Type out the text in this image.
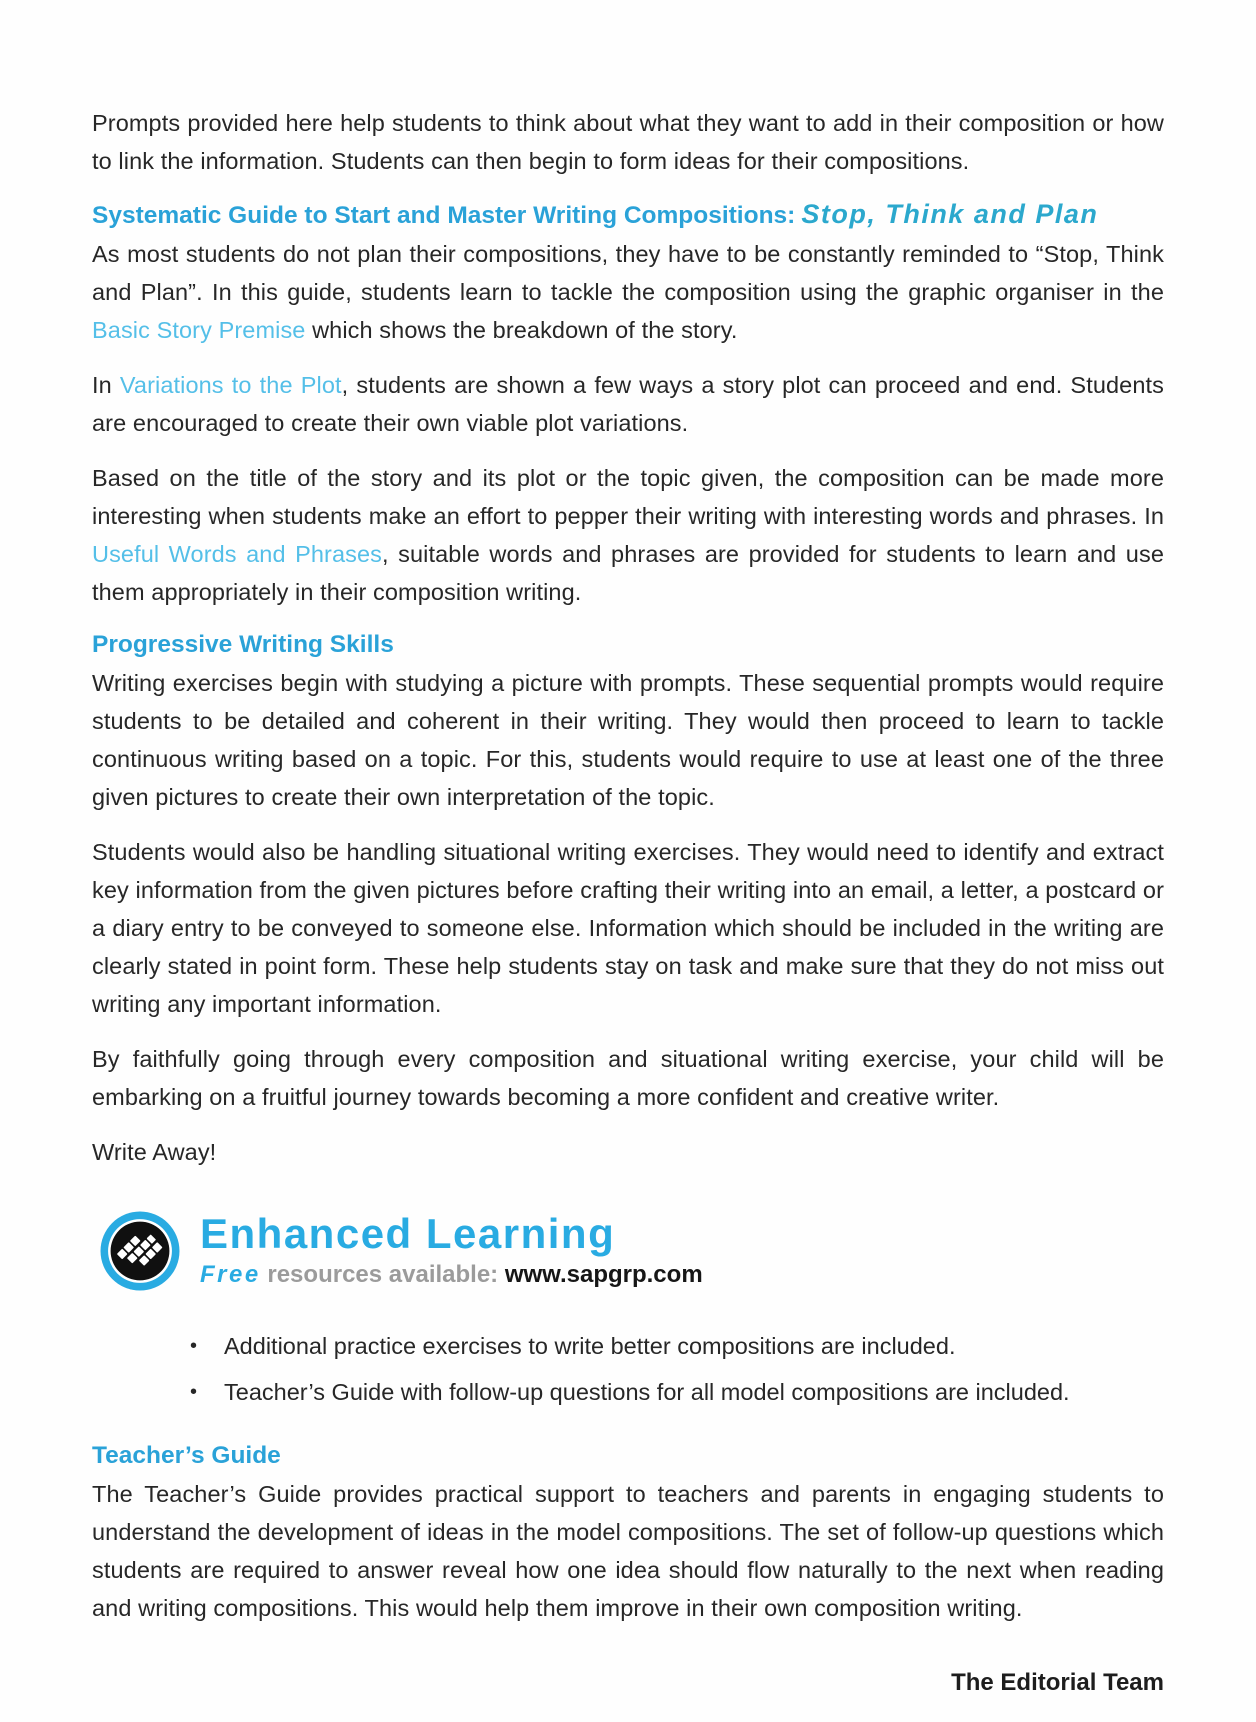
Prompts provided here help students to think about what they want to add in their composition or how to link the information. Students can then begin to form ideas for their compositions.

Systematic Guide to Start and Master Writing Compositions: Stop, Think and Plan

As most students do not plan their compositions, they have to be constantly reminded to “Stop, Think and Plan”. In this guide, students learn to tackle the composition using the graphic organiser in the Basic Story Premise which shows the breakdown of the story.

In Variations to the Plot, students are shown a few ways a story plot can proceed and end. Students are encouraged to create their own viable plot variations.

Based on the title of the story and its plot or the topic given, the composition can be made more interesting when students make an effort to pepper their writing with interesting words and phrases. In Useful Words and Phrases, suitable words and phrases are provided for students to learn and use them appropriately in their composition writing.

Progressive Writing Skills

Writing exercises begin with studying a picture with prompts. These sequential prompts would require students to be detailed and coherent in their writing. They would then proceed to learn to tackle continuous writing based on a topic. For this, students would require to use at least one of the three given pictures to create their own interpretation of the topic.

Students would also be handling situational writing exercises. They would need to identify and extract key information from the given pictures before crafting their writing into an email, a letter, a postcard or a diary entry to be conveyed to someone else. Information which should be included in the writing are clearly stated in point form. These help students stay on task and make sure that they do not miss out writing any important information.

By faithfully going through every composition and situational writing exercise, your child will be embarking on a fruitful journey towards becoming a more confident and creative writer.

Write Away!

Enhanced Learning
Free resources available: www.sapgrp.com
•	Additional practice exercises to write better compositions are included.
•	Teacher’s Guide with follow-up questions for all model compositions are included.
Teacher’s Guide

The Teacher’s Guide provides practical support to teachers and parents in engaging students to understand the development of ideas in the model compositions. The set of follow-up questions which students are required to answer reveal how one idea should flow naturally to the next when reading and writing compositions. This would help them improve in their own composition writing.

The Editorial Team
